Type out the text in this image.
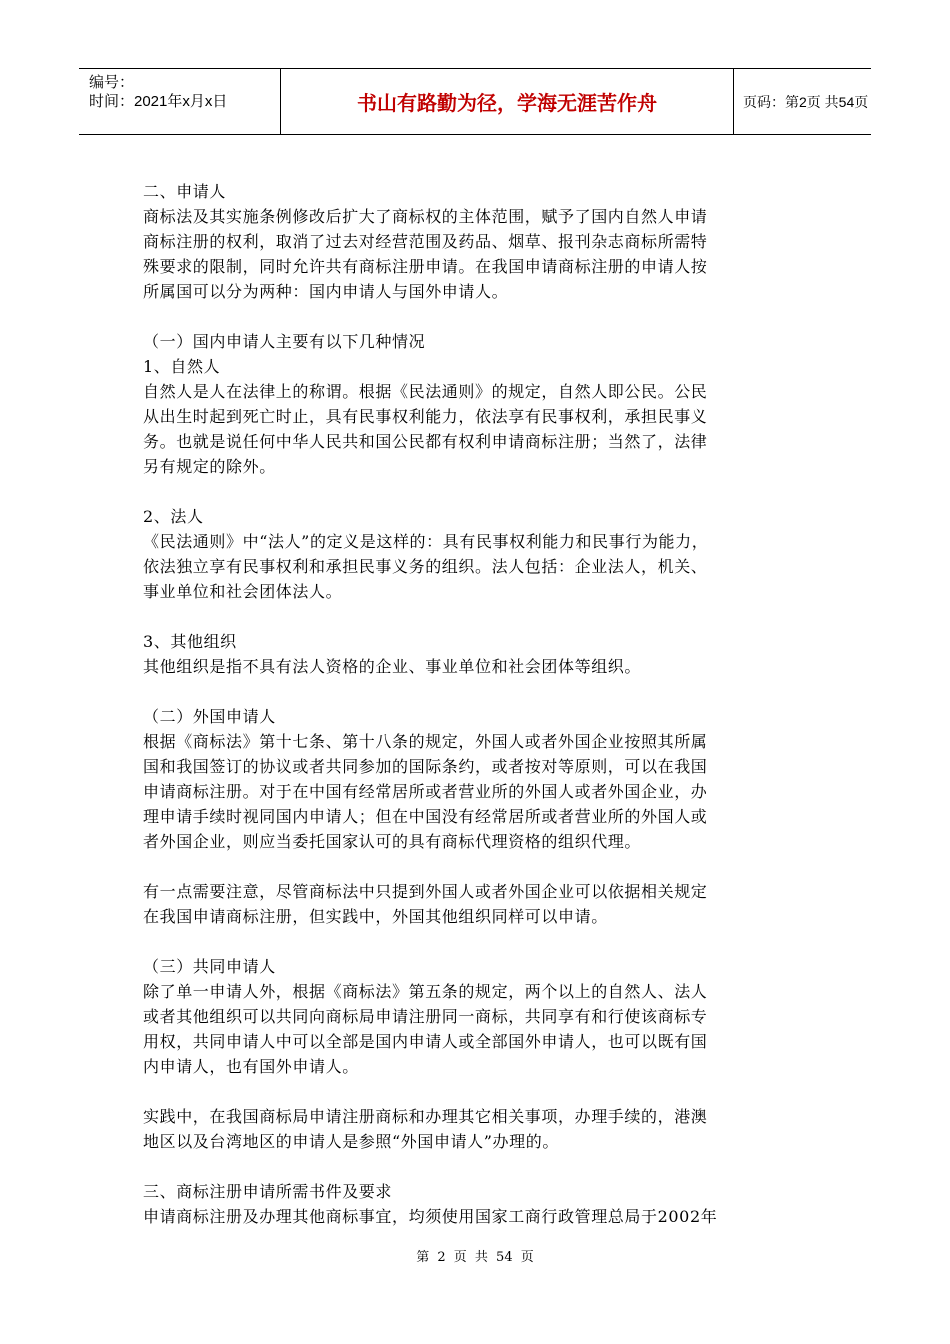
编号：
时间：2021年x月x日	书山有路勤为径，学海无涯苦作舟	页码：第2页 共54页

二、申请人

商标法及其实施条例修改后扩大了商标权的主体范围，赋予了国内自然人申请

商标注册的权利，取消了过去对经营范围及药品、烟草、报刊杂志商标所需特

殊要求的限制，同时允许共有商标注册申请。在我国申请商标注册的申请人按

所属国可以分为两种：国内申请人与国外申请人。

（一）国内申请人主要有以下几种情况

1、自然人

自然人是人在法律上的称谓。根据《民法通则》的规定，自然人即公民。公民

从出生时起到死亡时止，具有民事权利能力，依法享有民事权利，承担民事义

务。也就是说任何中华人民共和国公民都有权利申请商标注册；当然了，法律

另有规定的除外。

2、法人

《民法通则》中“法人”的定义是这样的：具有民事权利能力和民事行为能力，

依法独立享有民事权利和承担民事义务的组织。法人包括：企业法人，机关、

事业单位和社会团体法人。

3、其他组织

其他组织是指不具有法人资格的企业、事业单位和社会团体等组织。

（二）外国申请人

根据《商标法》第十七条、第十八条的规定，外国人或者外国企业按照其所属

国和我国签订的协议或者共同参加的国际条约，或者按对等原则，可以在我国

申请商标注册。对于在中国有经常居所或者营业所的外国人或者外国企业，办

理申请手续时视同国内申请人；但在中国没有经常居所或者营业所的外国人或

者外国企业，则应当委托国家认可的具有商标代理资格的组织代理。

有一点需要注意，尽管商标法中只提到外国人或者外国企业可以依据相关规定

在我国申请商标注册，但实践中，外国其他组织同样可以申请。

（三）共同申请人

除了单一申请人外，根据《商标法》第五条的规定，两个以上的自然人、法人

或者其他组织可以共同向商标局申请注册同一商标，共同享有和行使该商标专

用权，共同申请人中可以全部是国内申请人或全部国外申请人，也可以既有国

内申请人，也有国外申请人。

实践中，在我国商标局申请注册商标和办理其它相关事项，办理手续的，港澳

地区以及台湾地区的申请人是参照“外国申请人”办理的。

三、商标注册申请所需书件及要求

申请商标注册及办理其他商标事宜，均须使用国家工商行政管理总局于2002年

第 2 页 共 54 页
